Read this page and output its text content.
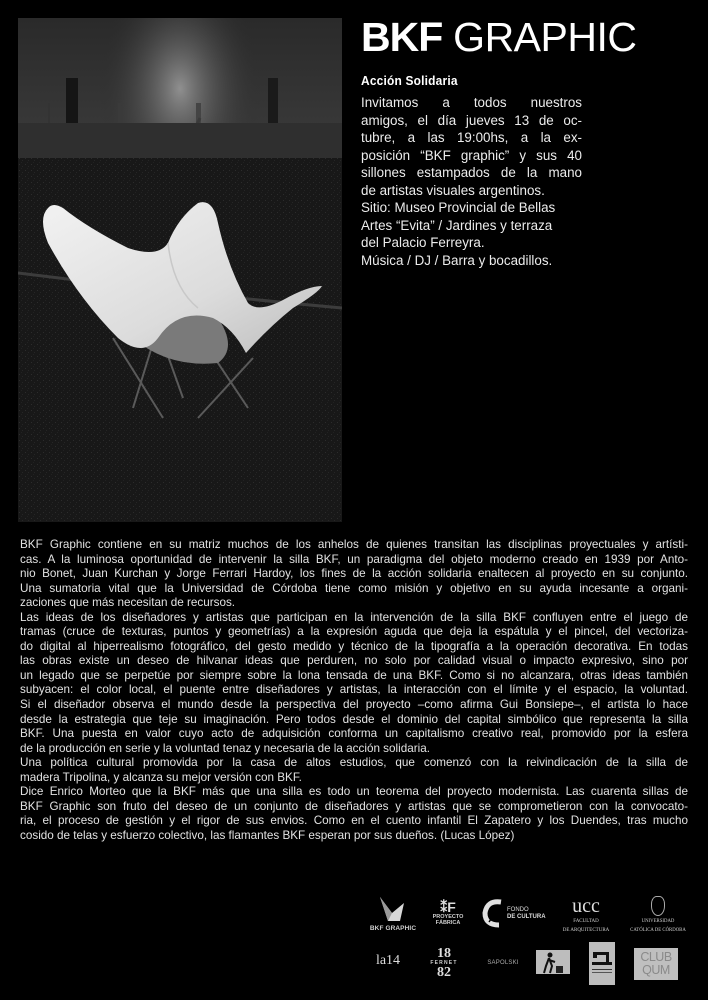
BKF GRAPHIC
Acción Solidaria

Invitamos a todos nuestros

amigos, el día jueves 13 de oc-

tubre, a las 19:00hs, a la ex-

posición “BKF graphic” y sus 40

sillones estampados de la mano

de artistas visuales argentinos.

Sitio: Museo Provincial de Bellas

Artes “Evita” / Jardines y terraza

del Palacio Ferreyra.

Música / DJ / Barra y bocadillos.

BKF Graphic contiene en su matriz muchos de los anhelos de quienes transitan las disciplinas proyectuales y artísti-
cas. A la luminosa oportunidad de intervenir la silla BKF, un paradigma del objeto moderno creado en 1939 por Anto-
nio Bonet, Juan Kurchan y Jorge Ferrari Hardoy, los fines de la acción solidaria enaltecen al proyecto en su conjunto.
Una sumatoria vital que la Universidad de Córdoba tiene como misión y objetivo en su ayuda incesante a organi-
zaciones que más necesitan de recursos.
Las ideas de los diseñadores y artistas que participan en la intervención de la silla BKF confluyen entre el juego de
tramas (cruce de texturas, puntos y geometrías) a la expresión aguda que deja la espátula y el pincel, del vectoriza-
do digital al hiperrealismo fotográfico, del gesto medido y técnico de la tipografía a la operación decorativa. En todas
las obras existe un deseo de hilvanar ideas que perduren, no solo por calidad visual o impacto expresivo, sino por
un legado que se perpetúe por siempre sobre la lona tensada de una BKF. Como si no alcanzara, otras ideas también
subyacen: el color local, el puente entre diseñadores y artistas, la interacción con el límite y el espacio, la voluntad.
Si el diseñador observa el mundo desde la perspectiva del proyecto –como afirma Gui Bonsiepe–, el artista lo hace
desde la estrategia que teje su imaginación. Pero todos desde el dominio del capital simbólico que representa la silla
BKF. Una puesta en valor cuyo acto de adquisición conforma un capitalismo creativo real, promovido por la esfera
de la producción en serie y la voluntad tenaz y necesaria de la acción solidaria.
Una política cultural promovida por la casa de altos estudios, que comenzó con la reivindicación de la silla de
madera Tripolina, y alcanza su mejor versión con BKF.
Dice Enrico Morteo que la BKF más que una silla es todo un teorema del proyecto modernista. Las cuarenta sillas de
BKF Graphic son fruto del deseo de un conjunto de diseñadores y artistas que se comprometieron con la convocato-
ria, el proceso de gestión y el rigor de sus envios. Como en el cuento infantil El Zapatero y los Duendes, tras mucho
cosido de telas y esfuerzo colectivo, las flamantes BKF esperan por sus dueños. (Lucas López)
BKF GRAPHIC
⁑F
PROYECTO
FÁBRICA
FONDO
DE CULTURA	ucc
FACULTAD
DE ARQUITECTURA
UNIVERSIDAD
CATÓLICA DE CÓRDOBA
la14	18
FERNET
82
SAPOLSKI	CLUB
QUM
